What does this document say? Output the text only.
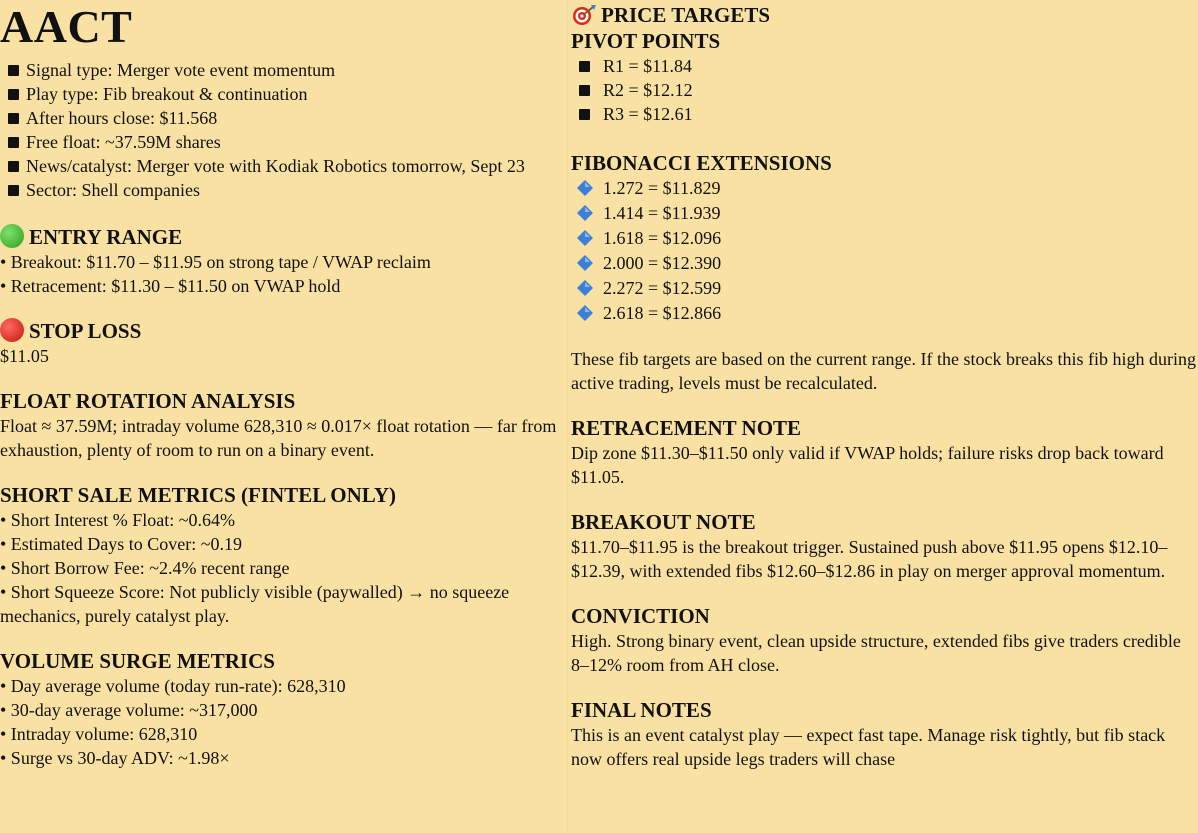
AACT
Signal type: Merger vote event momentum
Play type: Fib breakout & continuation
After hours close: $11.568
Free float: ~37.59M shares
News/catalyst: Merger vote with Kodiak Robotics tomorrow, Sept 23
Sector: Shell companies
ENTRY RANGE
• Breakout: $11.70 – $11.95 on strong tape / VWAP reclaim
• Retracement: $11.30 – $11.50 on VWAP hold
STOP LOSS
$11.05
FLOAT ROTATION ANALYSIS

Float ≈ 37.59M; intraday volume 628,310 ≈ 0.017× float rotation — far from exhaustion, plenty of room to run on a binary event.

SHORT SALE METRICS (FINTEL ONLY)
• Short Interest % Float: ~0.64%
• Estimated Days to Cover: ~0.19
• Short Borrow Fee: ~2.4% recent range
• Short Squeeze Score: Not publicly visible (paywalled) → no squeeze mechanics, purely catalyst play.
VOLUME SURGE METRICS
• Day average volume (today run-rate): 628,310
• 30-day average volume: ~317,000
• Intraday volume: 628,310
• Surge vs 30-day ADV: ~1.98×
PRICE TARGETS
PIVOT POINTS
R1 = $11.84
R2 = $12.12
R3 = $12.61
FIBONACCI EXTENSIONS
1.272 = $11.829
1.414 = $11.939
1.618 = $12.096
2.000 = $12.390
2.272 = $12.599
2.618 = $12.866

These fib targets are based on the current range. If the stock breaks this fib high during active trading, levels must be recalculated.

RETRACEMENT NOTE

Dip zone $11.30–$11.50 only valid if VWAP holds; failure risks drop back toward $11.05.

BREAKOUT NOTE

$11.70–$11.95 is the breakout trigger. Sustained push above $11.95 opens $12.10–$12.39, with extended fibs $12.60–$12.86 in play on merger approval momentum.

CONVICTION

High. Strong binary event, clean upside structure, extended fibs give traders credible 8–12% room from AH close.

FINAL NOTES

This is an event catalyst play — expect fast tape. Manage risk tightly, but fib stack now offers real upside legs traders will chase
